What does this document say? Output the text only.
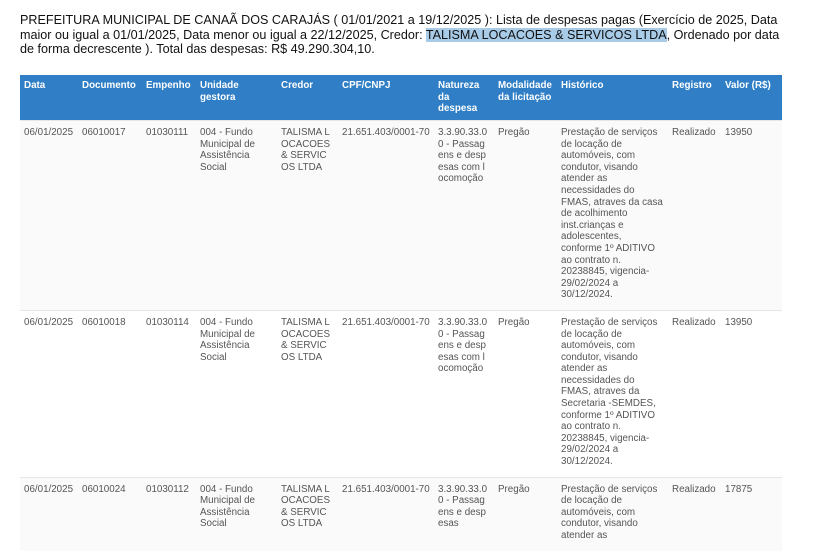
PREFEITURA MUNICIPAL DE CANAÃ DOS CARAJÁS ( 01/01/2021 a 19/12/2025 ): Lista de despesas pagas (Exercício de 2025, Data maior ou igual a 01/01/2025, Data menor ou igual a 22/12/2025, Credor: TALISMA LOCACOES & SERVICOS LTDA, Ordenado por data de forma decrescente ). Total das despesas: R$ 49.290.304,10.
Data	Documento	Empenho	Unidade gestora	Credor	CPF/CNPJ	Natureza da despesa	Modalidade da licitação	Histórico	Registro	Valor (R$)
06/01/2025	06010017	01030111	004 - Fundo Municipal de Assistência Social	TALISMA LOCACOES & SERVICOS LTDA	21.651.403/0001-70	3.3.90.33.00 - Passagens e despesas com locomoção	Pregão	Prestação de serviços de locação de automóveis, com condutor, visando atender as necessidades do FMAS, atraves da casa de acolhimento inst.crianças e adolescentes, conforme 1º ADITIVO ao contrato n. 20238845, vigencia-29/02/2024 a 30/12/2024.	Realizado	13950
06/01/2025	06010018	01030114	004 - Fundo Municipal de Assistência Social	TALISMA LOCACOES & SERVICOS LTDA	21.651.403/0001-70	3.3.90.33.00 - Passagens e despesas com locomoção	Pregão	Prestação de serviços de locação de automóveis, com condutor, visando atender as necessidades do FMAS, atraves da Secretaria -SEMDES, conforme 1º ADITIVO ao contrato n. 20238845, vigencia-29/02/2024 a 30/12/2024.	Realizado	13950
06/01/2025	06010024	01030112	004 - Fundo Municipal de Assistência Social	TALISMA LOCACOES & SERVICOS LTDA	21.651.403/0001-70	3.3.90.33.00 - Passagens e despesas	Pregão	Prestação de serviços de locação de automóveis, com condutor, visando atender as	Realizado	17875
